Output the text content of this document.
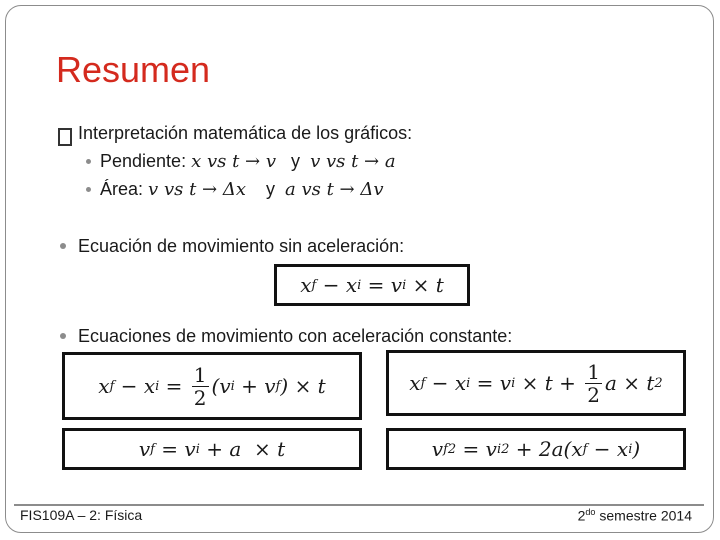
Resumen
Interpretación matemática de los gráficos:
Pendiente: x vs t → v y v vs t → a
Área: v vs t → Δx y a vs t → Δv
Ecuación de movimiento sin aceleración:
x f − x i = v i × t
Ecuaciones de movimiento con aceleración constante:
x f − x $i = \frac{1}{2} (v$ i + v f ) × t	x f − x i = v $i \times t + \frac{1}{2}$ a × t 2
v f = v i + a  × t	v f 2 = v i 2 + 2a(x f − x i )
FIS109A – 2: Física	$2^{do}$ semestre 2014
